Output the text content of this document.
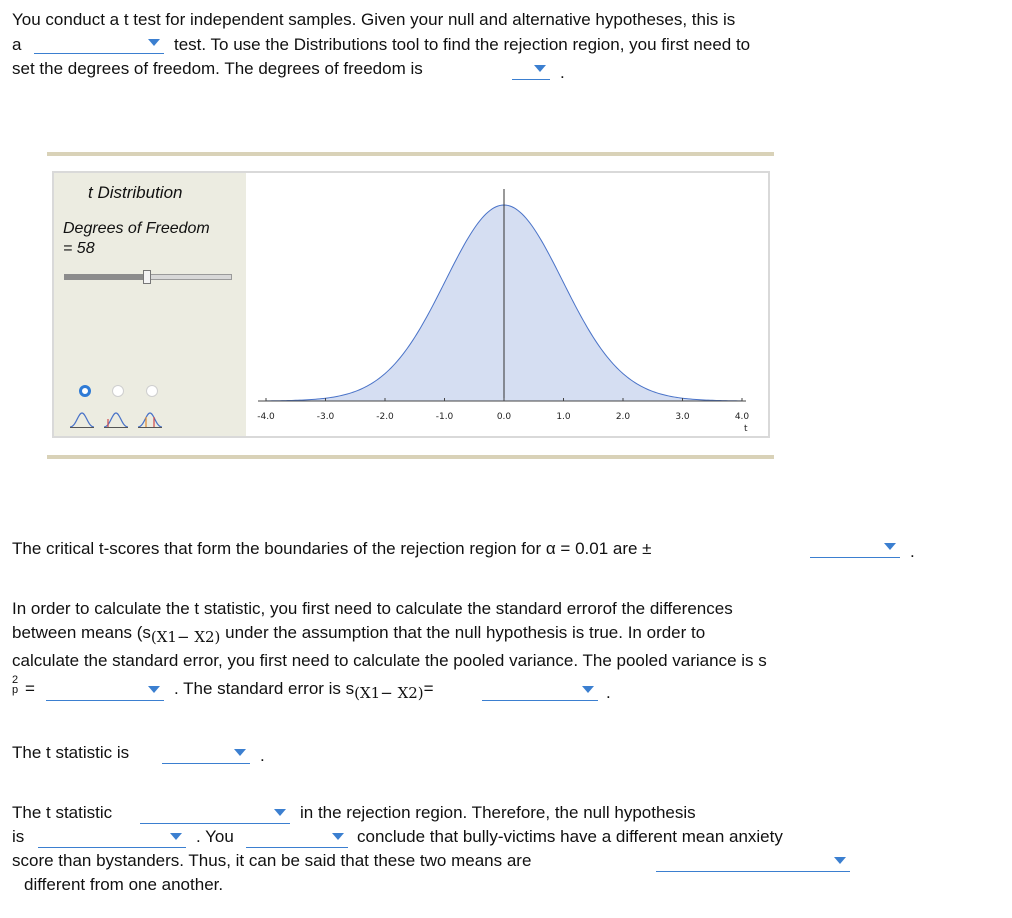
You conduct a t test for independent samples. Given your null and alternative hypotheses, this is
a	test. To use the Distributions tool to find the rejection region, you first need to
set the degrees of freedom. The degrees of freedom is	.
t Distribution
Degrees of Freedom
= 58
-4.0	-3.0	-2.0	-1.0	0.0	1.0	2.0	3.0	4.0
t
The critical t-scores that form the boundaries of the rejection region for α = 0.01 are ±	.
In order to calculate the t statistic, you first need to calculate the standard errorof the differences
between means (s(X1− X2) under the assumption that the null hypothesis is true. In order to
calculate the standard error, you first need to calculate the pooled variance. The pooled variance is s
2
p =	. The standard error is s(X1− X2)=	.
The t statistic is	.
The t statistic	in the rejection region. Therefore, the null hypothesis
is	. You	conclude that bully-victims have a different mean anxiety
score than bystanders. Thus, it can be said that these two means are
different from one another.
